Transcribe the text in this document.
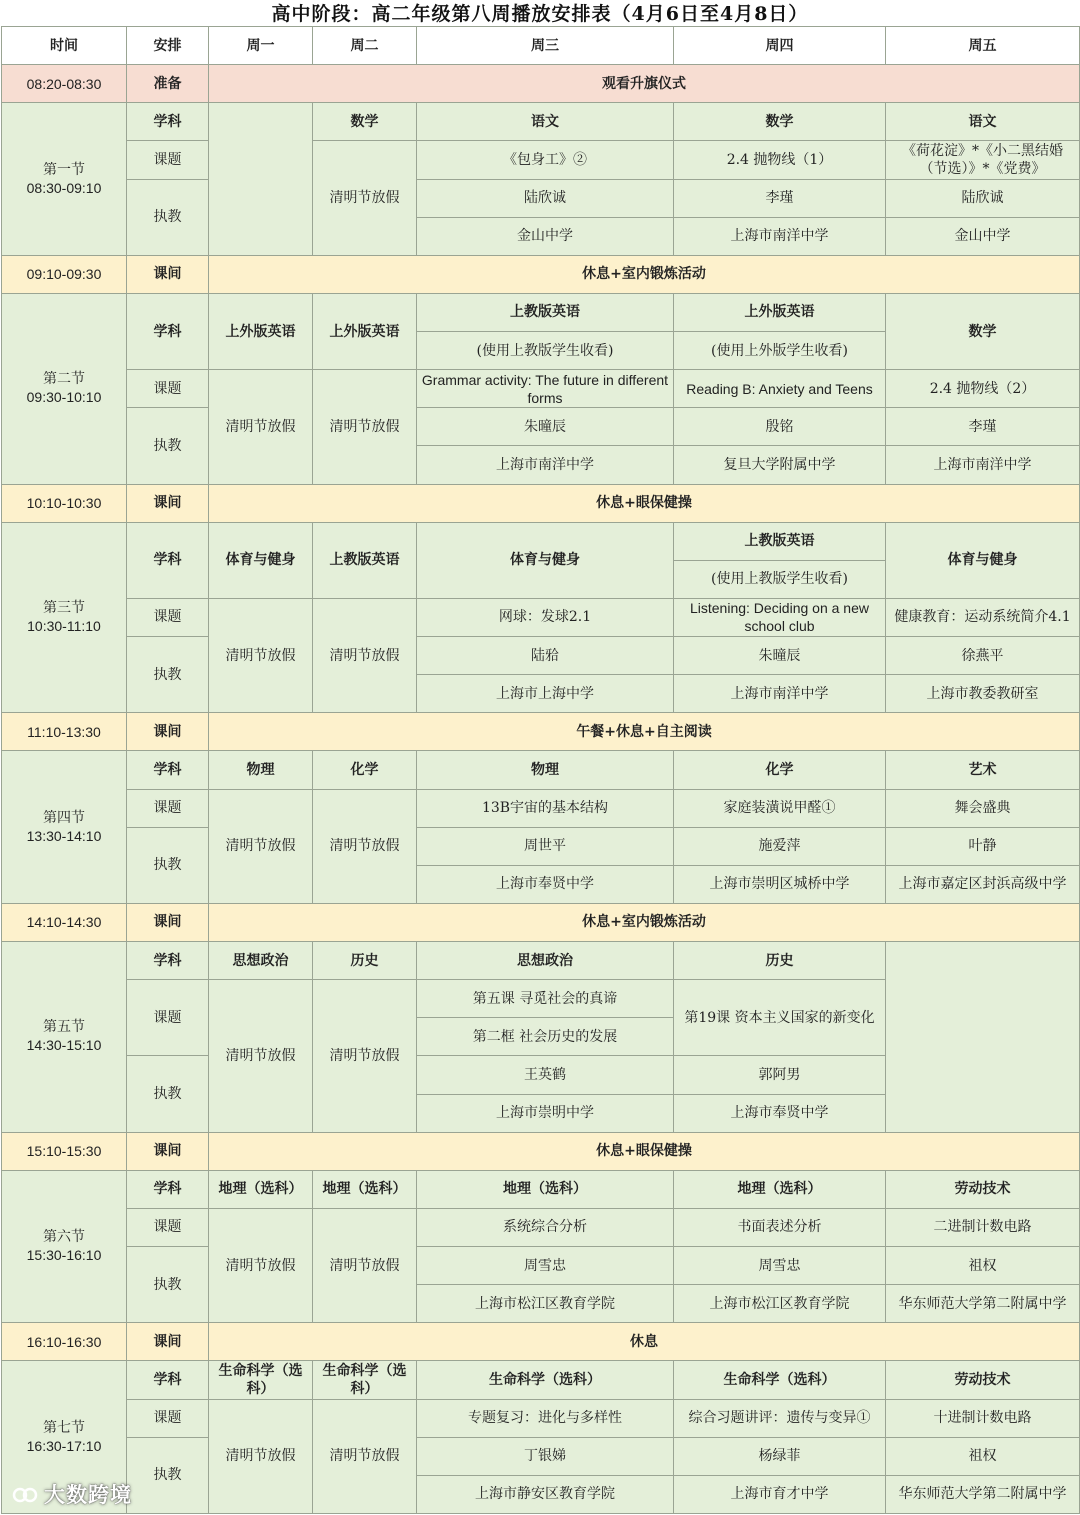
高中阶段：高二年级第八周播放安排表（4月6日至4月8日）
时间	安排	周一	周二	周三	周四	周五
08:20-08:30	准备	观看升旗仪式				
第一节
08:30-09:10	学科		数学	语文	数学	语文
	课题		清明节放假	《包身工》②	2.4 抛物线（1）	《荷花淀》*《小二黑结婚（节选）》*《党费》
	执教			陆欣诚	李瑾	陆欣诚
				金山中学	上海市南洋中学	金山中学
09:10-09:30	课间	休息+室内锻炼活动				
第二节
09:30-10:10	学科	上外版英语	上外版英语	上教版英语	上外版英语	数学
				(使用上教版学生收看)	(使用上外版学生收看)	
	课题	清明节放假	清明节放假	Grammar activity: The future in different forms	Reading B: Anxiety and Teens	2.4 抛物线（2）
	执教			朱曈辰	殷铭	李瑾
				上海市南洋中学	复旦大学附属中学	上海市南洋中学
10:10-10:30	课间	休息+眼保健操				
第三节
10:30-11:10	学科	体育与健身	上教版英语	体育与健身	上教版英语	体育与健身
					(使用上教版学生收看)	
	课题	清明节放假	清明节放假	网球：发球2.1	Listening: Deciding on a new school club	健康教育：运动系统简介4.1
	执教			陆𬌗	朱曈辰	徐燕平
				上海市上海中学	上海市南洋中学	上海市教委教研室
11:10-13:30	课间	午餐+休息+自主阅读				
第四节
13:30-14:10	学科	物理	化学	物理	化学	艺术
	课题	清明节放假	清明节放假	13B宇宙的基本结构	家庭装潢说甲醛①	舞会盛典
	执教			周世平	施爱萍	叶静
				上海市奉贤中学	上海市崇明区城桥中学	上海市嘉定区封浜高级中学
14:10-14:30	课间	休息+室内锻炼活动				
第五节
14:30-15:10	学科	思想政治	历史	思想政治	历史	
	课题	清明节放假	清明节放假	第五课 寻觅社会的真谛	第19课 资本主义国家的新变化	
				第二框 社会历史的发展		
	执教			王英鹤	郭阿男	
				上海市崇明中学	上海市奉贤中学	
15:10-15:30	课间	休息+眼保健操				
第六节
15:30-16:10	学科	地理（选科）	地理（选科）	地理（选科）	地理（选科）	劳动技术
	课题	清明节放假	清明节放假	系统综合分析	书面表述分析	二进制计数电路
	执教			周雪忠	周雪忠	祖权
				上海市松江区教育学院	上海市松江区教育学院	华东师范大学第二附属中学
16:10-16:30	课间	休息				
第七节
16:30-17:10	学科	生命科学（选科）	生命科学（选科）	生命科学（选科）	生命科学（选科）	劳动技术
	课题	清明节放假	清明节放假	专题复习：进化与多样性	综合习题讲评：遗传与变异①	十进制计数电路
	执教			丁银娣	杨绿菲	祖权
				上海市静安区教育学院	上海市育才中学	华东师范大学第二附属中学
大数跨境
